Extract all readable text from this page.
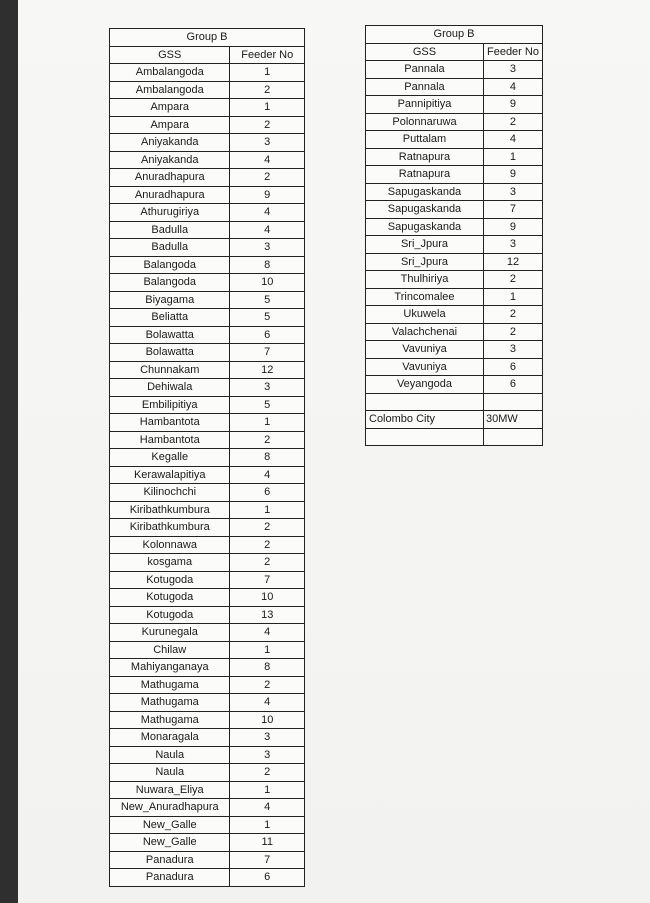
Group B	
GSS	Feeder No
Ambalangoda	1
Ambalangoda	2
Ampara	1
Ampara	2
Aniyakanda	3
Aniyakanda	4
Anuradhapura	2
Anuradhapura	9
Athurugiriya	4
Badulla	4
Badulla	3
Balangoda	8
Balangoda	10
Biyagama	5
Beliatta	5
Bolawatta	6
Bolawatta	7
Chunnakam	12
Dehiwala	3
Embilipitiya	5
Hambantota	1
Hambantota	2
Kegalle	8
Kerawalapitiya	4
Kilinochchi	6
Kiribathkumbura	1
Kiribathkumbura	2
Kolonnawa	2
kosgama	2
Kotugoda	7
Kotugoda	10
Kotugoda	13
Kurunegala	4
Chilaw	1
Mahiyanganaya	8
Mathugama	2
Mathugama	4
Mathugama	10
Monaragala	3
Naula	3
Naula	2
Nuwara_Eliya	1
New_Anuradhapura	4
New_Galle	1
New_Galle	11
Panadura	7
Panadura	6
Group B	
GSS	Feeder No
Pannala	3
Pannala	4
Pannipitiya	9
Polonnaruwa	2
Puttalam	4
Ratnapura	1
Ratnapura	9
Sapugaskanda	3
Sapugaskanda	7
Sapugaskanda	9
Sri_Jpura	3
Sri_Jpura	12
Thulhiriya	2
Trincomalee	1
Ukuwela	2
Valachchenai	2
Vavuniya	3
Vavuniya	6
Veyangoda	6

Colombo City	30MW
